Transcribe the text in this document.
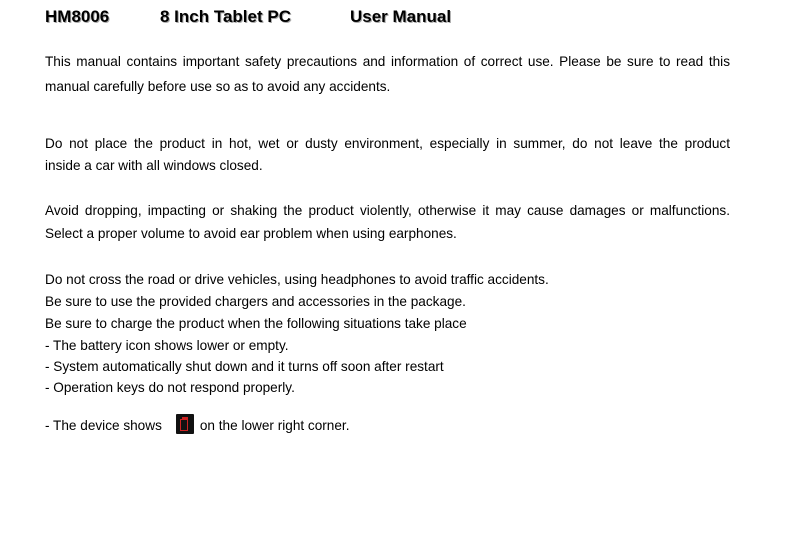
HM8006	8 Inch Tablet PC	User Manual
This manual contains important safety precautions and information of correct use. Please be sure to read this
manual carefully before use so as to avoid any accidents.
Do not place the product in hot, wet or dusty environment, especially in summer, do not leave the product
inside a car with all windows closed.
Avoid dropping, impacting or shaking the product violently, otherwise it may cause damages or malfunctions.
Select a proper volume to avoid ear problem when using earphones.
Do not cross the road or drive vehicles, using headphones to avoid traffic accidents.
Be sure to use the provided chargers and accessories in the package.
Be sure to charge the product when the following situations take place
- The battery icon shows lower or empty.
- System automatically shut down and it turns off soon after restart
- Operation keys do not respond properly.
- The device shows	on the lower right corner.
